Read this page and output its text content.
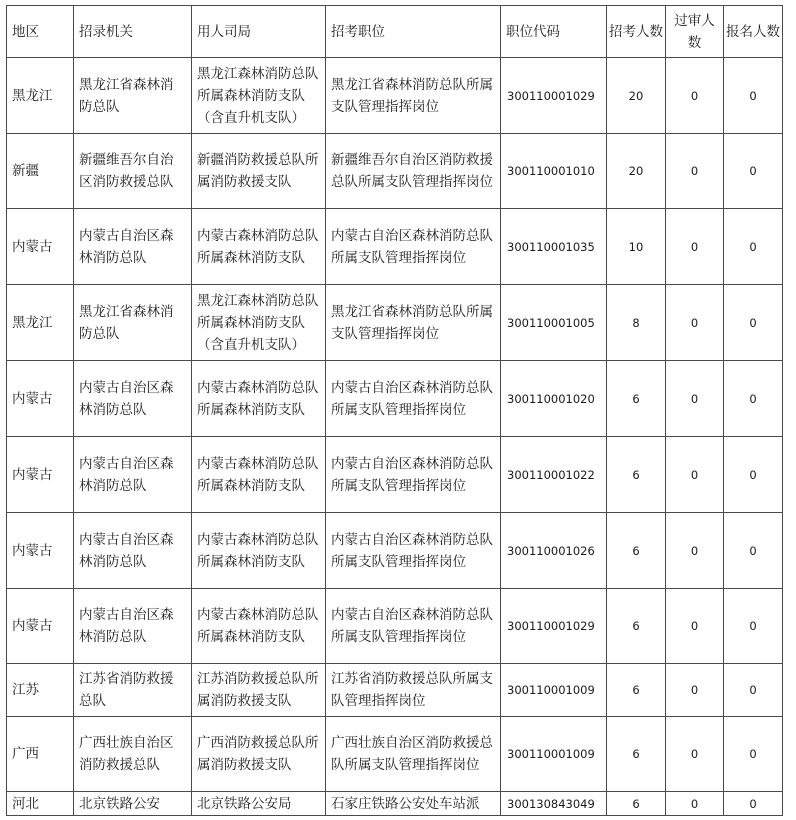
地区	招录机关	用人司局	招考职位	职位代码	招考人数	过审人数	报名人数
黑龙江	黑龙江省森林消防总队	黑龙江森林消防总队所属森林消防支队（含直升机支队）	黑龙江省森林消防总队所属支队管理指挥岗位	300110001029	20	0	0
新疆	新疆维吾尔自治区消防救援总队	新疆消防救援总队所属消防救援支队	新疆维吾尔自治区消防救援总队所属支队管理指挥岗位	300110001010	20	0	0
内蒙古	内蒙古自治区森林消防总队	内蒙古森林消防总队所属森林消防支队	内蒙古自治区森林消防总队所属支队管理指挥岗位	300110001035	10	0	0
黑龙江	黑龙江省森林消防总队	黑龙江森林消防总队所属森林消防支队（含直升机支队）	黑龙江省森林消防总队所属支队管理指挥岗位	300110001005	8	0	0
内蒙古	内蒙古自治区森林消防总队	内蒙古森林消防总队所属森林消防支队	内蒙古自治区森林消防总队所属支队管理指挥岗位	300110001020	6	0	0
内蒙古	内蒙古自治区森林消防总队	内蒙古森林消防总队所属森林消防支队	内蒙古自治区森林消防总队所属支队管理指挥岗位	300110001022	6	0	0
内蒙古	内蒙古自治区森林消防总队	内蒙古森林消防总队所属森林消防支队	内蒙古自治区森林消防总队所属支队管理指挥岗位	300110001026	6	0	0
内蒙古	内蒙古自治区森林消防总队	内蒙古森林消防总队所属森林消防支队	内蒙古自治区森林消防总队所属支队管理指挥岗位	300110001029	6	0	0
江苏	江苏省消防救援总队	江苏消防救援总队所属消防救援支队	江苏省消防救援总队所属支队管理指挥岗位	300110001009	6	0	0
广西	广西壮族自治区消防救援总队	广西消防救援总队所属消防救援支队	广西壮族自治区消防救援总队所属支队管理指挥岗位	300110001009	6	0	0
河北	北京铁路公安	北京铁路公安局	石家庄铁路公安处车站派	300130843049	6	0	0
